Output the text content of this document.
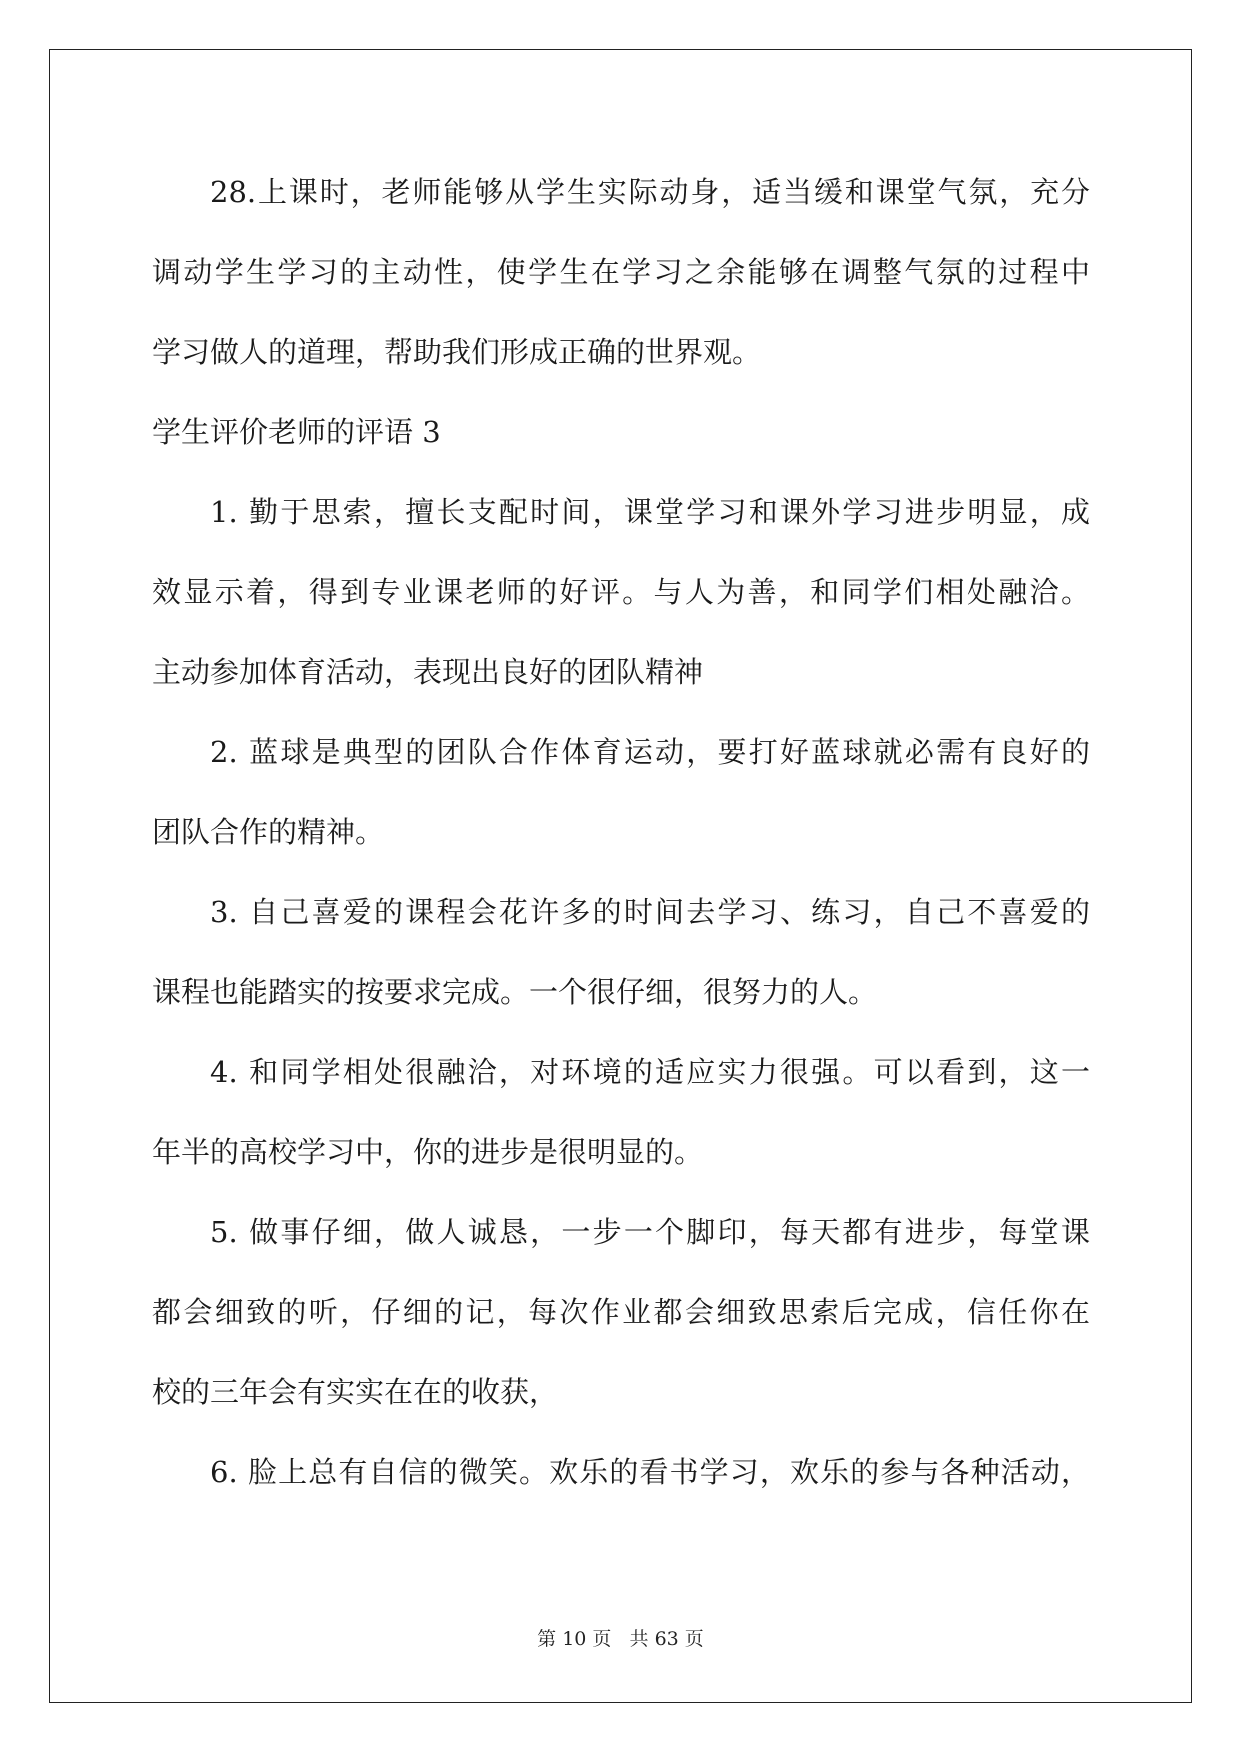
28.上课时，老师能够从学生实际动身，适当缓和课堂气氛，充分
调动学生学习的主动性，使学生在学习之余能够在调整气氛的过程中
学习做人的道理，帮助我们形成正确的世界观。
学生评价老师的评语 3
1. 勤于思索，擅长支配时间，课堂学习和课外学习进步明显，成
效显示着，得到专业课老师的好评。与人为善，和同学们相处融洽。
主动参加体育活动，表现出良好的团队精神
2. 蓝球是典型的团队合作体育运动，要打好蓝球就必需有良好的
团队合作的精神。
3. 自己喜爱的课程会花许多的时间去学习、练习，自己不喜爱的
课程也能踏实的按要求完成。一个很仔细，很努力的人。
4. 和同学相处很融洽，对环境的适应实力很强。可以看到，这一
年半的高校学习中，你的进步是很明显的。
5. 做事仔细，做人诚恳，一步一个脚印，每天都有进步，每堂课
都会细致的听，仔细的记，每次作业都会细致思索后完成，信任你在
校的三年会有实实在在的收获，
6. 脸上总有自信的微笑。欢乐的看书学习，欢乐的参与各种活动，
第 10 页   共 63 页
